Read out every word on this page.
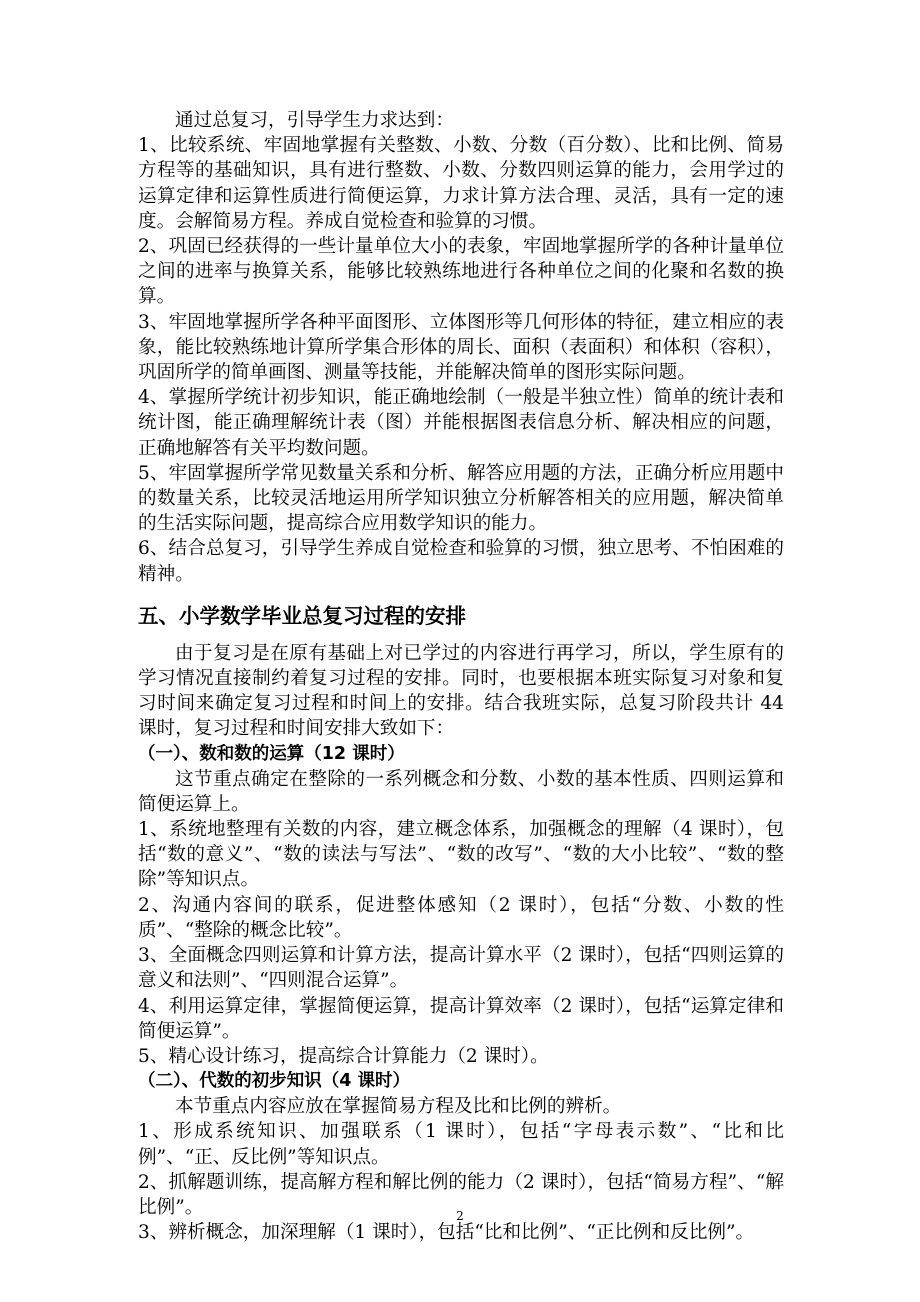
通过总复习，引导学生力求达到：

1、比较系统、牢固地掌握有关整数、小数、分数（百分数）、比和比例、简易方程等的基础知识，具有进行整数、小数、分数四则运算的能力，会用学过的运算定律和运算性质进行简便运算，力求计算方法合理、灵活，具有一定的速度。会解简易方程。养成自觉检查和验算的习惯。

2、巩固已经获得的一些计量单位大小的表象，牢固地掌握所学的各种计量单位之间的进率与换算关系，能够比较熟练地进行各种单位之间的化聚和名数的换算。

3、牢固地掌握所学各种平面图形、立体图形等几何形体的特征，建立相应的表象，能比较熟练地计算所学集合形体的周长、面积（表面积）和体积（容积），巩固所学的简单画图、测量等技能，并能解决简单的图形实际问题。

4、掌握所学统计初步知识，能正确地绘制（一般是半独立性）简单的统计表和统计图，能正确理解统计表（图）并能根据图表信息分析、解决相应的问题，正确地解答有关平均数问题。

5、牢固掌握所学常见数量关系和分析、解答应用题的方法，正确分析应用题中的数量关系，比较灵活地运用所学知识独立分析解答相关的应用题，解决简单的生活实际问题，提高综合应用数学知识的能力。

6、结合总复习，引导学生养成自觉检查和验算的习惯，独立思考、不怕困难的精神。

五、小学数学毕业总复习过程的安排

由于复习是在原有基础上对已学过的内容进行再学习，所以，学生原有的学习情况直接制约着复习过程的安排。同时，也要根据本班实际复习对象和复习时间来确定复习过程和时间上的安排。结合我班实际，总复习阶段共计 44 课时，复习过程和时间安排大致如下：

（一）、数和数的运算（12 课时）

这节重点确定在整除的一系列概念和分数、小数的基本性质、四则运算和简便运算上。

1、系统地整理有关数的内容，建立概念体系，加强概念的理解（4 课时），包括“数的意义”、“数的读法与写法”、“数的改写”、“数的大小比较”、“数的整除”等知识点。

2、沟通内容间的联系，促进整体感知（2 课时），包括“分数、小数的性质”、“整除的概念比较”。

3、全面概念四则运算和计算方法，提高计算水平（2 课时），包括“四则运算的意义和法则”、“四则混合运算”。

4、利用运算定律，掌握简便运算，提高计算效率（2 课时），包括“运算定律和简便运算”。

5、精心设计练习，提高综合计算能力（2 课时）。

（二）、代数的初步知识（4 课时）

本节重点内容应放在掌握简易方程及比和比例的辨析。

1、形成系统知识、加强联系（1 课时），包括“字母表示数”、“比和比例”、“正、反比例”等知识点。

2、抓解题训练，提高解方程和解比例的能力（2 课时），包括“简易方程”、“解比例”。

3、辨析概念，加深理解（1 课时），包括“比和比例”、“正比例和反比例”。

2
